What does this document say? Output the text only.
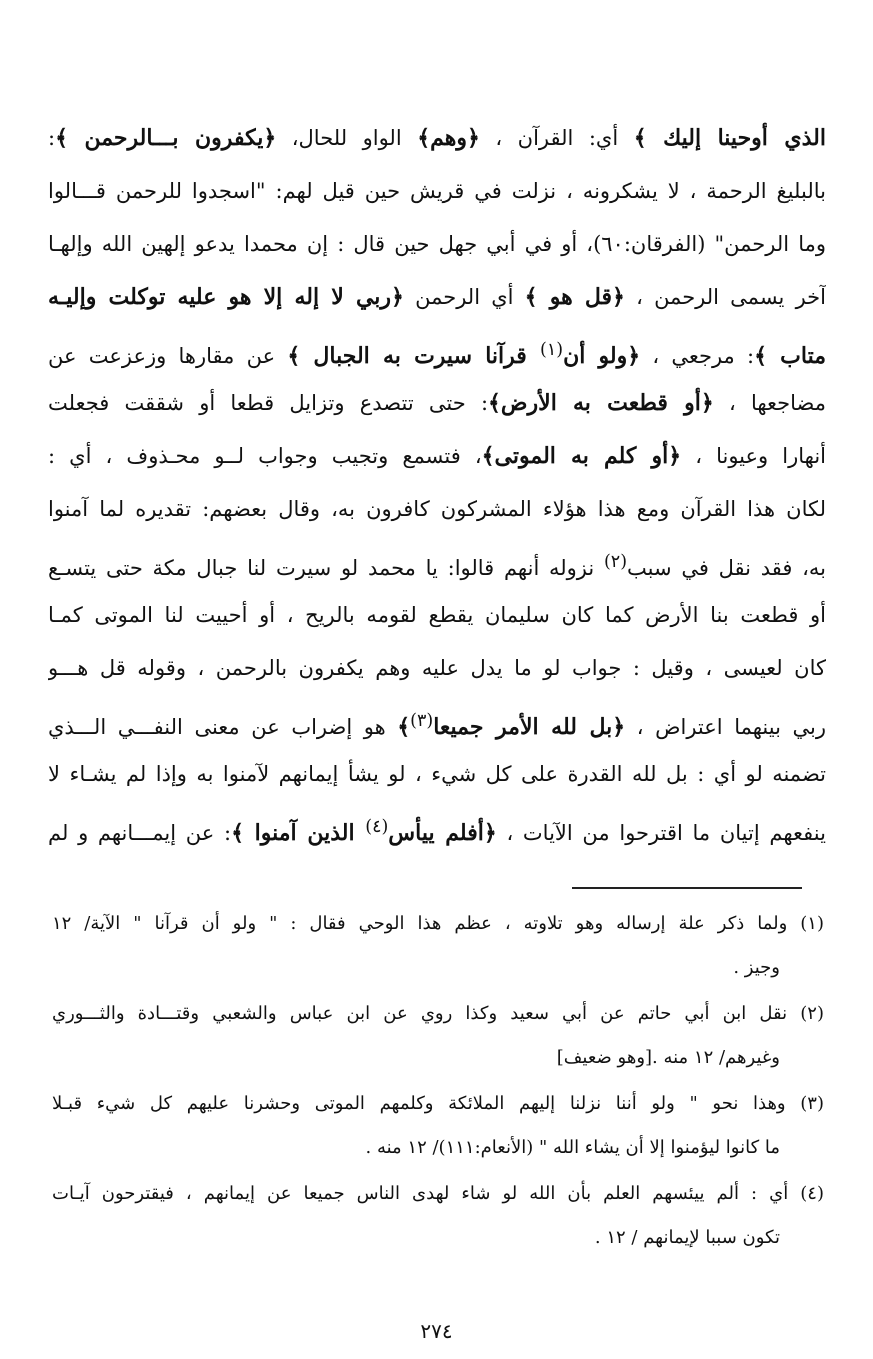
الذي أوحينا إليك ﴾ أي: القرآن ، ﴿وهم﴾ الواو للحال، ﴿يكفرون بـــالرحمن ﴾:
بالبليغ الرحمة ، لا يشكرونه ، نزلت في قريش حين قيل لهم: "اسجدوا للرحمن قـــالوا
وما الرحمن" (الفرقان:٦٠)، أو في أبي جهل حين قال : إن محمدا يدعو إلهين الله وإلهـا
آخر يسمى الرحمن ، ﴿قل هو ﴾ أي الرحمن ﴿ربي لا إله إلا هو عليه توكلت وإليـه
متاب ﴾: مرجعي ، ﴿ولو أن$^{(١)}$ قرآنا سيرت به الجبال ﴾ عن مقارها وزعزعت عن
مضاجعها ، ﴿أو قطعت به الأرض﴾: حتى تتصدع وتزايل قطعا أو شققت فجعلت
أنهارا وعيونا ، ﴿أو كلم به الموتى﴾، فتسمع وتجيب وجواب لــو محـذوف ، أي :
لكان هذا القرآن ومع هذا هؤلاء المشركون كافرون به، وقال بعضهم: تقديره لما آمنوا
به، فقد نقل في سبب$^{(٢)}$ نزوله أنهم قالوا: يا محمد لو سيرت لنا جبال مكة حتى يتسـع
أو قطعت بنا الأرض كما كان سليمان يقطع لقومه بالريح ، أو أحييت لنا الموتى كمـا
كان لعيسى ، وقيل : جواب لو ما يدل عليه وهم يكفرون بالرحمن ، وقوله قل هـــو
ربي بينهما اعتراض ، ﴿بل لله الأمر جميعا$^{(٣)}$﴾ هو إضراب عن معنى النفـــي الـــذي
تضمنه لو أي : بل لله القدرة على كل شيء ، لو يشأ إيمانهم لآمنوا به وإذا لم يشـاء لا
ينفعهم إتيان ما اقترحوا من الآيات ، ﴿أفلم ييأس$^{(٤)}$ الذين آمنوا ﴾: عن إيمـــانهم و لم
(١) ولما ذكر علة إرساله وهو تلاوته ، عظم هذا الوحي فقال : " ولو أن قرآنا " الآية/ ١٢
وجيز .
(٢) نقل ابن أبي حاتم عن أبي سعيد وكذا روي عن ابن عباس والشعبي وقتـــادة والثـــوري
وغيرهم/ ١٢ منه .[وهو ضعيف]
(٣) وهذا نحو " ولو أننا نزلنا إليهم الملائكة وكلمهم الموتى وحشرنا عليهم كل شيء قبـلا
ما كانوا ليؤمنوا إلا أن يشاء الله " (الأنعام:١١١)/ ١٢ منه .
(٤) أي : ألم ييئسهم العلم بأن الله لو شاء لهدى الناس جميعا عن إيمانهم ، فيقترحون آيـات
تكون سببا لإيمانهم / ١٢ .
٢٧٤
